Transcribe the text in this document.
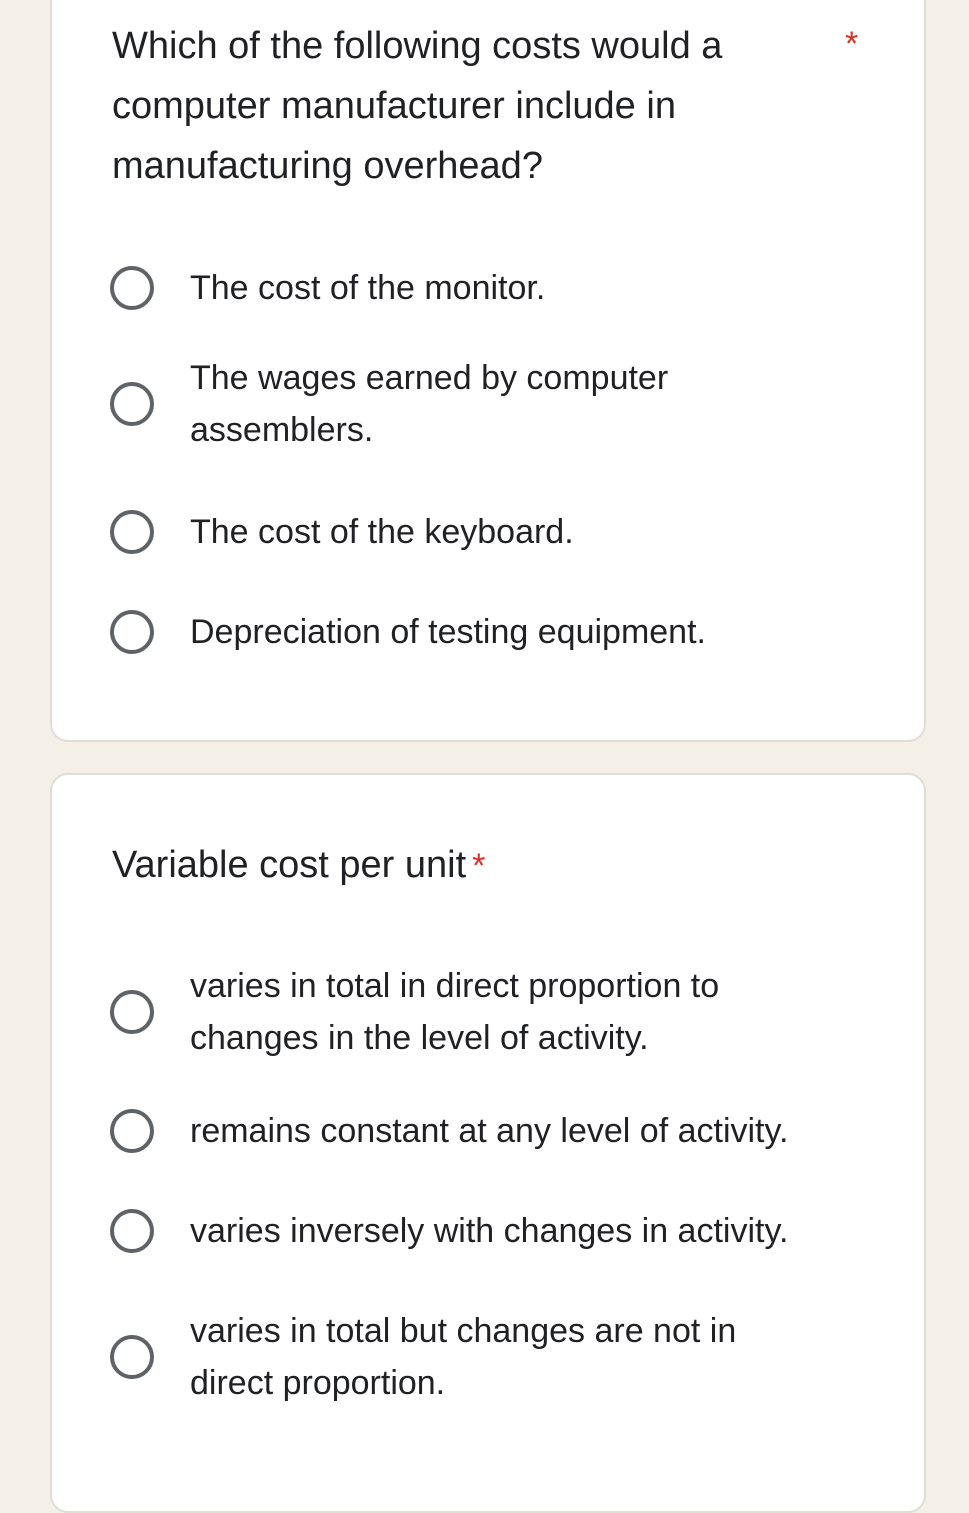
Which of the following costs would a computer manufacturer include in manufacturing overhead?
*
The cost of the monitor.
The wages earned by computer assemblers.
The cost of the keyboard.
Depreciation of testing equipment.
Variable cost per unit *
varies in total in direct proportion to changes in the level of activity.
remains constant at any level of activity.
varies inversely with changes in activity.
varies in total but changes are not in direct proportion.
